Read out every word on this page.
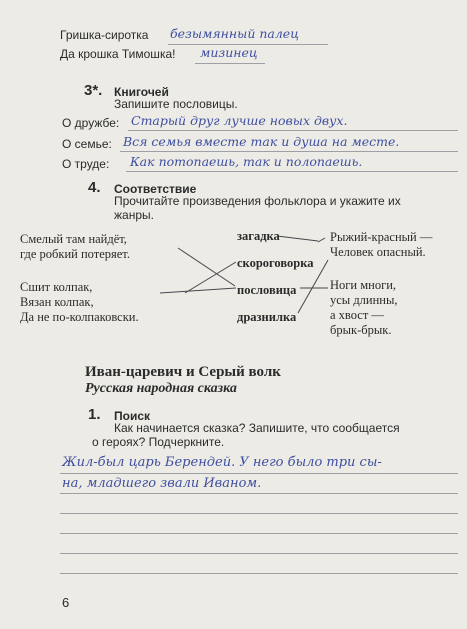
Гришка-сиротка безымянный палец
Да крошка Тимошка! мизинец
3*. Книгочей
Запишите пословицы.
О дружбе: Старый друг лучше новых двух.
О семье: Вся семья вместе так и душа на месте.
О труде: Как потопаешь, так и полопаешь.
4. Соответствие
Прочитайте произведения фольклора и укажите их
жанры.
Смелый там найдёт,
где робкий потеряет.
Сшит колпак,
Вязан колпак,
Да не по-колпаковски.
загадка
скороговорка
пословица
дразнилка
Рыжий-красный —
Человек опасный.
Ноги многи,
усы длинны,
а хвост —
брык-брык.
Иван-царевич и Серый волк
Русская народная сказка
1. Поиск
Как начинается сказка? Запишите, что сообщается
о героях? Подчеркните.
Жил-был царь Берендей. У него было три сы-
на, младшего звали Иваном.
6
